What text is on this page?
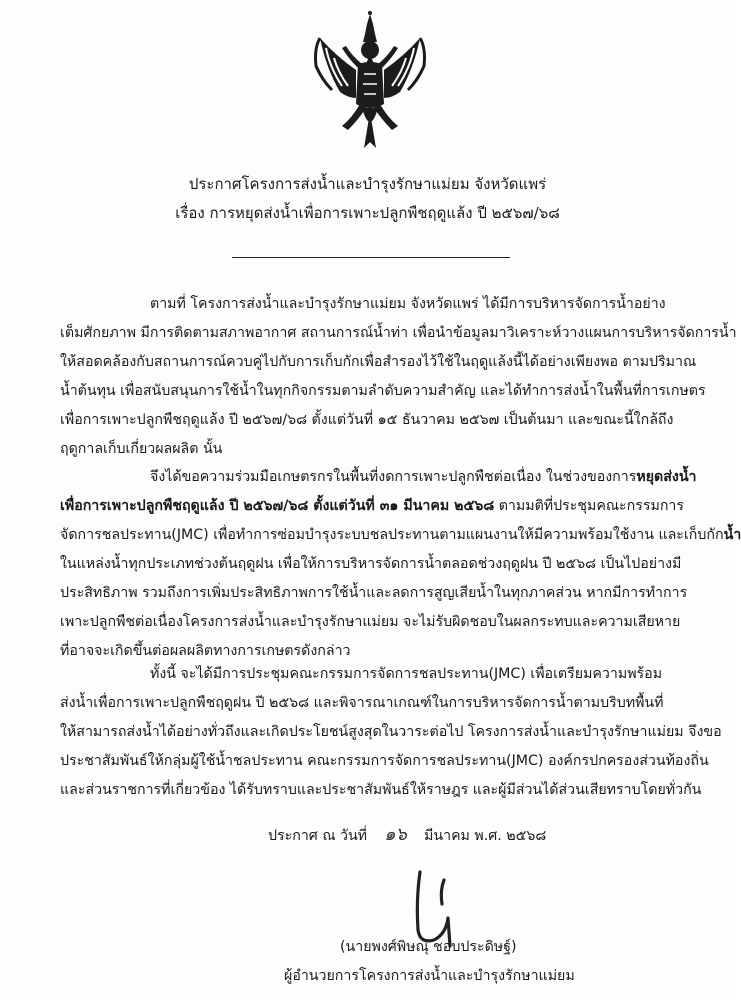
ประกาศโครงการส่งน้ำและบำรุงรักษาแม่ยม จังหวัดแพร่
เรื่อง การหยุดส่งน้ำเพื่อการเพาะปลูกพืชฤดูแล้ง ปี ๒๕๖๗/๖๘
ตามที่ โครงการส่งน้ำและบำรุงรักษาแม่ยม จังหวัดแพร่ ได้มีการบริหารจัดการน้ำอย่าง
เต็มศักยภาพ มีการติดตามสภาพอากาศ สถานการณ์น้ำท่า เพื่อนำข้อมูลมาวิเคราะห์วางแผนการบริหารจัดการน้ำ
ให้สอดคล้องกับสถานการณ์ควบคู่ไปกับการเก็บกักเพื่อสำรองไว้ใช้ในฤดูแล้งนี้ได้อย่างเพียงพอ ตามปริมาณ
น้ำต้นทุน เพื่อสนับสนุนการใช้น้ำในทุกกิจกรรมตามลำดับความสำคัญ และได้ทำการส่งน้ำในพื้นที่การเกษตร
เพื่อการเพาะปลูกพืชฤดูแล้ง ปี ๒๕๖๗/๖๘ ตั้งแต่วันที่ ๑๕ ธันวาคม ๒๕๖๗ เป็นต้นมา และขณะนี้ใกล้ถึง
ฤดูกาลเก็บเกี่ยวผลผลิต นั้น
จึงได้ขอความร่วมมือเกษตรกรในพื้นที่งดการเพาะปลูกพืชต่อเนื่อง ในช่วงของการหยุดส่งน้ำ
เพื่อการเพาะปลูกพืชฤดูแล้ง ปี ๒๕๖๗/๖๘ ตั้งแต่วันที่ ๓๑ มีนาคม ๒๕๖๘ ตามมติที่ประชุมคณะกรรมการ
จัดการชลประทาน(JMC) เพื่อทำการซ่อมบำรุงระบบชลประทานตามแผนงานให้มีความพร้อมใช้งาน และเก็บกักน้ำ
ในแหล่งน้ำทุกประเภทช่วงต้นฤดูฝน เพื่อให้การบริหารจัดการน้ำตลอดช่วงฤดูฝน ปี ๒๕๖๘ เป็นไปอย่างมี
ประสิทธิภาพ รวมถึงการเพิ่มประสิทธิภาพการใช้น้ำและลดการสูญเสียน้ำในทุกภาคส่วน หากมีการทำการ
เพาะปลูกพืชต่อเนื่องโครงการส่งน้ำและบำรุงรักษาแม่ยม จะไม่รับผิดชอบในผลกระทบและความเสียหาย
ที่อาจจะเกิดขึ้นต่อผลผลิตทางการเกษตรดังกล่าว
ทั้งนี้ จะได้มีการประชุมคณะกรรมการจัดการชลประทาน(JMC) เพื่อเตรียมความพร้อม
ส่งน้ำเพื่อการเพาะปลูกพืชฤดูฝน ปี ๒๕๖๘ และพิจารณาเกณฑ์ในการบริหารจัดการน้ำตามบริบทพื้นที่
ให้สามารถส่งน้ำได้อย่างทั่วถึงและเกิดประโยชน์สูงสุดในวาระต่อไป โครงการส่งน้ำและบำรุงรักษาแม่ยม จึงขอ
ประชาสัมพันธ์ให้กลุ่มผู้ใช้น้ำชลประทาน คณะกรรมการจัดการชลประทาน(JMC) องค์กรปกครองส่วนท้องถิ่น
และส่วนราชการที่เกี่ยวข้อง ได้รับทราบและประชาสัมพันธ์ให้ราษฎร และผู้มีส่วนได้ส่วนเสียทราบโดยทั่วกัน
ประกาศ ณ วันที่ ๑๖ มีนาคม พ.ศ. ๒๕๖๘
(นายพงศ์พิษณุ ชอบประดิษฐ์)
ผู้อำนวยการโครงการส่งน้ำและบำรุงรักษาแม่ยม
